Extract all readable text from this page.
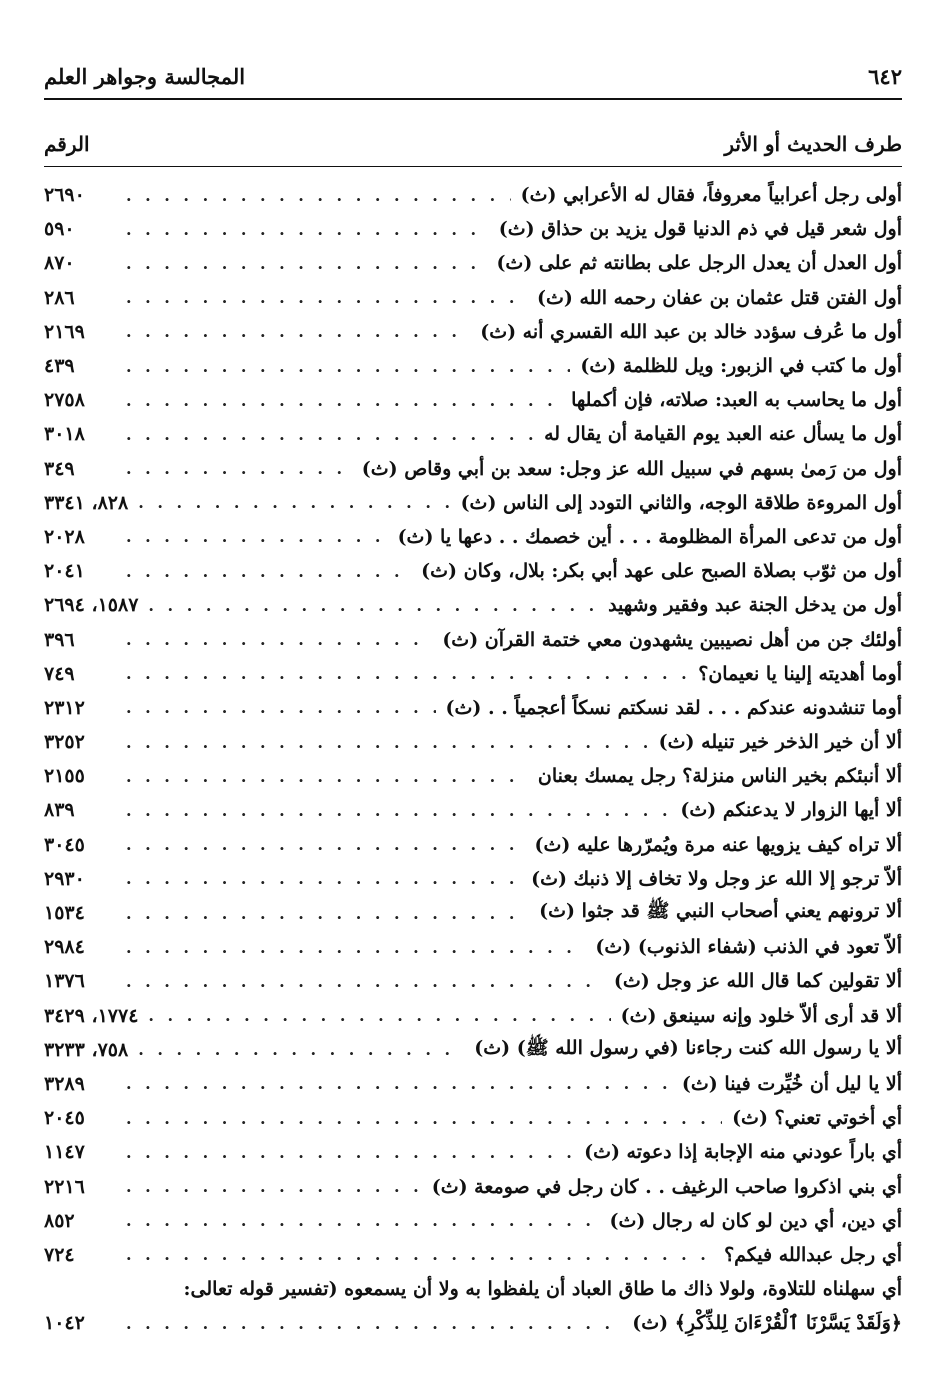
٦٤٢
المجالسة وجواهر العلم
طرف الحديث أو الأثر
الرقم
أولى رجل أعرابياً معروفاً، فقال له الأعرابي (ث)
. . .
٢٦٩٠
أول شعر قيل في ذم الدنيا قول يزيد بن حذاق (ث)
. . .
٥٩٠
أول العدل أن يعدل الرجل على بطانته ثم على (ث)
. . .
٨٧٠
أول الفتن قتل عثمان بن عفان رحمه الله (ث)
. . .
٢٨٦
أول ما عُرف سؤدد خالد بن عبد الله القسري أنه (ث)
. . .
٢١٦٩
أول ما كتب في الزبور: ويل للظلمة (ث)
. . .
٤٣٩
أول ما يحاسب به العبد: صلاته، فإن أكملها
. . .
٢٧٥٨
أول ما يسأل عنه العبد يوم القيامة أن يقال له
. . .
٣٠١٨
أول من رَمىٰ بسهم في سبيل الله عز وجل: سعد بن أبي وقاص (ث)
. . .
٣٤٩
أول المروءة طلاقة الوجه، والثاني التودد إلى الناس (ث)
. . .
٨٢٨، ٣٣٤١
أول من تدعى المرأة المظلومة . . . أين خصمك . . دعها يا (ث)
. . .
٢٠٢٨
أول من ثوّب بصلاة الصبح على عهد أبي بكر: بلال، وكان (ث)
. . .
٢٠٤١
أول من يدخل الجنة عبد وفقير وشهيد
. . .
١٥٨٧، ٢٦٩٤
أولئك جن من أهل نصيبين يشهدون معي ختمة القرآن (ث)
. . .
٣٩٦
أوما أهديته إلينا يا نعيمان؟
. . .
٧٤٩
أوما تنشدونه عندكم . . . لقد نسكتم نسكاً أعجمياً . . (ث)
. . .
٢٣١٢
ألا أن خير الذخر خير تنيله (ث)
. . .
٣٢٥٢
ألا أنبئكم بخير الناس منزلة؟ رجل يمسك بعنان
. . .
٢١٥٥
ألا أيها الزوار لا يدعنكم (ث)
. . .
٨٣٩
ألا تراه كيف يزويها عنه مرة ويُمرّرها عليه (ث)
. . .
٣٠٤٥
ألاّ ترجو إلا الله عز وجل ولا تخاف إلا ذنبك (ث)
. . .
٢٩٣٠
ألا ترونهم يعني أصحاب النبي ﷺ قد جثوا (ث)
. . .
١٥٣٤
ألاّ تعود في الذنب (شفاء الذنوب) (ث)
. . .
٢٩٨٤
ألا تقولين كما قال الله عز وجل (ث)
. . .
١٣٧٦
ألا قد أرى ألاّ خلود وإنه سينعق (ث)
. . .
١٧٧٤، ٣٤٢٩
ألا يا رسول الله كنت رجاءنا (في رسول الله ﷺ) (ث)
. . .
٧٥٨، ٣٢٣٣
ألا يا ليل أن خُيِّرت فينا (ث)
. . .
٣٢٨٩
أي أخوتي تعني؟ (ث)
. . .
٢٠٤٥
أي باراً عودني منه الإجابة إذا دعوته (ث)
. . .
١١٤٧
أي بني اذكروا صاحب الرغيف . . كان رجل في صومعة (ث)
. . .
٢٢١٦
أي دين، أي دين لو كان له رجال (ث)
. . .
٨٥٢
أي رجل عبدالله فيكم؟
. . .
٧٢٤
أي سهلناه للتلاوة، ولولا ذاك ما طاق العباد أن يلفظوا به ولا أن يسمعوه (تفسير قوله تعالى:
﴿وَلَقَدْ يَسَّرْنَا ٱلْقُرْءَانَ لِلذِّكْرِ﴾ (ث)
. . .
١٠٤٢
